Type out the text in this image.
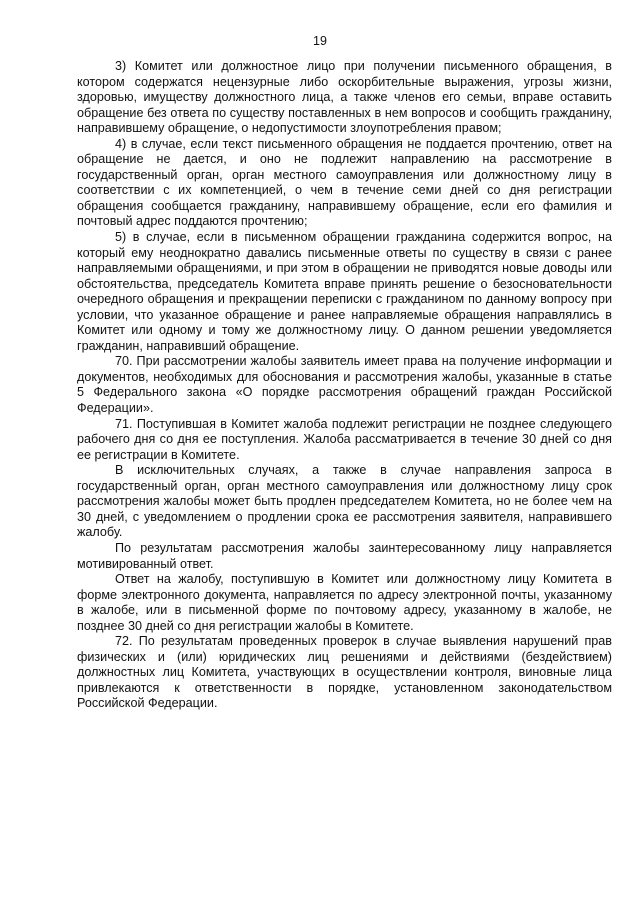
19

3) Комитет или должностное лицо при получении письменного обращения, в котором содержатся нецензурные либо оскорбительные выражения, угрозы жизни, здоровью, имуществу должностного лица, а также членов его семьи, вправе оставить обращение без ответа по существу поставленных в нем вопросов и сообщить гражданину, направившему обращение, о недопустимости злоупотребления правом;

4) в случае, если текст письменного обращения не поддается прочтению, ответ на обращение не дается, и оно не подлежит направлению на рассмотрение в государственный орган, орган местного самоуправления или должностному лицу в соответствии с их компетенцией, о чем в течение семи дней со дня регистрации обращения сообщается гражданину, направившему обращение, если его фамилия и почтовый адрес поддаются прочтению;

5) в случае, если в письменном обращении гражданина содержится вопрос, на который ему неоднократно давались письменные ответы по существу в связи с ранее направляемыми обращениями, и при этом в обращении не приводятся новые доводы или обстоятельства, председатель Комитета вправе принять решение о безосновательности очередного обращения и прекращении переписки с гражданином по данному вопросу при условии, что указанное обращение и ранее направляемые обращения направлялись в Комитет или одному и тому же должностному лицу. О данном решении уведомляется гражданин, направивший обращение.

70. При рассмотрении жалобы заявитель имеет права на получение информации и документов, необходимых для обоснования и рассмотрения жалобы, указанные в статье 5 Федерального закона «О порядке рассмотрения обращений граждан Российской Федерации».

71. Поступившая в Комитет жалоба подлежит регистрации не позднее следующего рабочего дня со дня ее поступления. Жалоба рассматривается в течение 30 дней со дня ее регистрации в Комитете.

В исключительных случаях, а также в случае направления запроса в государственный орган, орган местного самоуправления или должностному лицу срок рассмотрения жалобы может быть продлен председателем Комитета, но не более чем на 30 дней, с уведомлением о продлении срока ее рассмотрения заявителя, направившего жалобу.

По результатам рассмотрения жалобы заинтересованному лицу направляется мотивированный ответ.

Ответ на жалобу, поступившую в Комитет или должностному лицу Комитета в форме электронного документа, направляется по адресу электронной почты, указанному в жалобе, или в письменной форме по почтовому адресу, указанному в жалобе, не позднее 30 дней со дня регистрации жалобы в Комитете.

72. По результатам проведенных проверок в случае выявления нарушений прав физических и (или) юридических лиц решениями и действиями (бездействием) должностных лиц Комитета, участвующих в осуществлении контроля, виновные лица привлекаются к ответственности в порядке, установленном законодательством Российской Федерации.
